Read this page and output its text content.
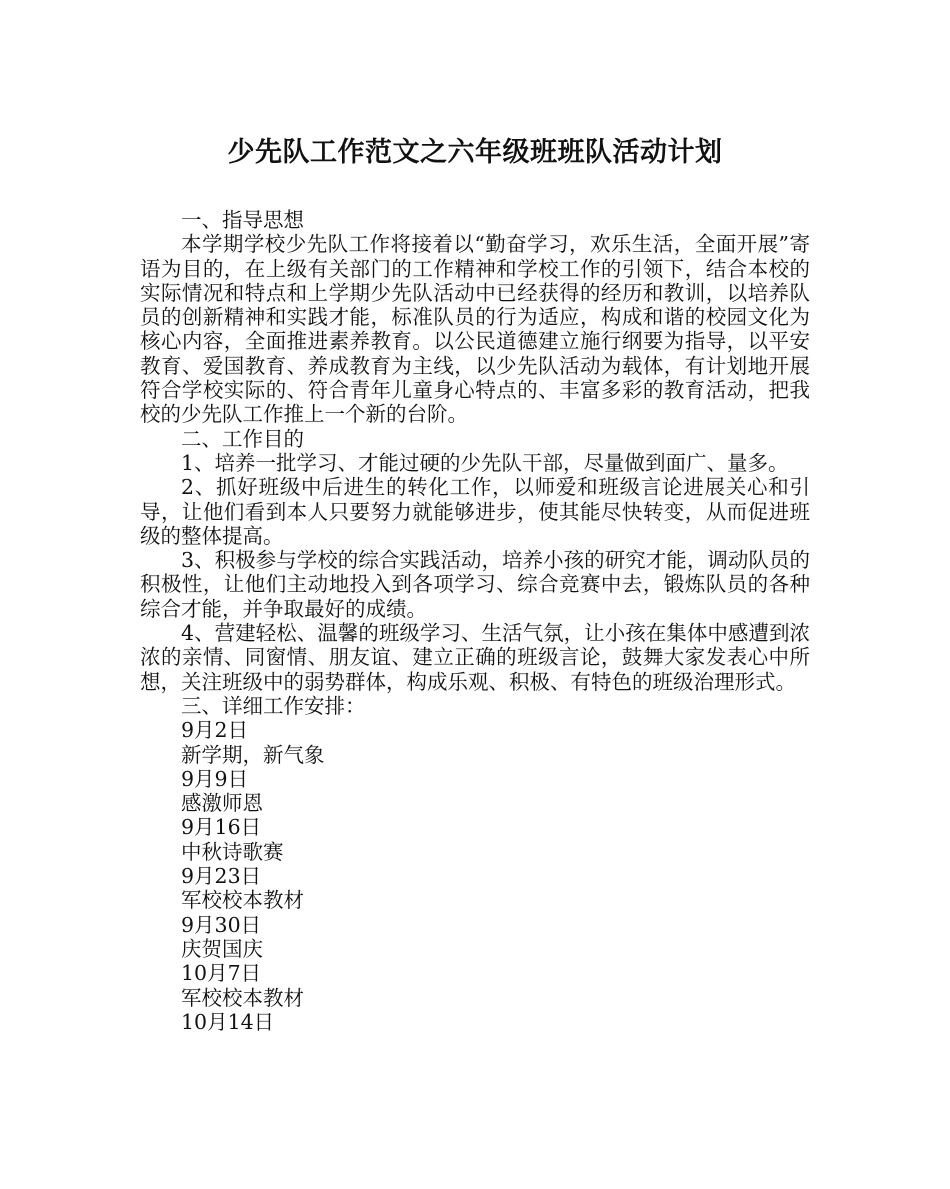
少先队工作范文之六年级班班队活动计划

一、指导思想

本学期学校少先队工作将接着以“勤奋学习，欢乐生活，全面开展”寄语为目的，在上级有关部门的工作精神和学校工作的引领下，结合本校的实际情况和特点和上学期少先队活动中已经获得的经历和教训，以培养队员的创新精神和实践才能，标准队员的行为适应，构成和谐的校园文化为核心内容，全面推进素养教育。以公民道德建立施行纲要为指导，以平安教育、爱国教育、养成教育为主线，以少先队活动为载体，有计划地开展符合学校实际的、符合青年儿童身心特点的、丰富多彩的教育活动，把我校的少先队工作推上一个新的台阶。

二、工作目的

1、培养一批学习、才能过硬的少先队干部，尽量做到面广、量多。

2、抓好班级中后进生的转化工作，以师爱和班级言论进展关心和引导，让他们看到本人只要努力就能够进步，使其能尽快转变，从而促进班级的整体提高。

3、积极参与学校的综合实践活动，培养小孩的研究才能，调动队员的积极性，让他们主动地投入到各项学习、综合竞赛中去，锻炼队员的各种综合才能，并争取最好的成绩。

4、营建轻松、温馨的班级学习、生活气氛，让小孩在集体中感遭到浓浓的亲情、同窗情、朋友谊、建立正确的班级言论，鼓舞大家发表心中所想，关注班级中的弱势群体，构成乐观、积极、有特色的班级治理形式。

三、详细工作安排：

9月2日

新学期，新气象

9月9日

感激师恩

9月16日

中秋诗歌赛

9月23日

军校校本教材

9月30日

庆贺国庆

10月7日

军校校本教材

10月14日
